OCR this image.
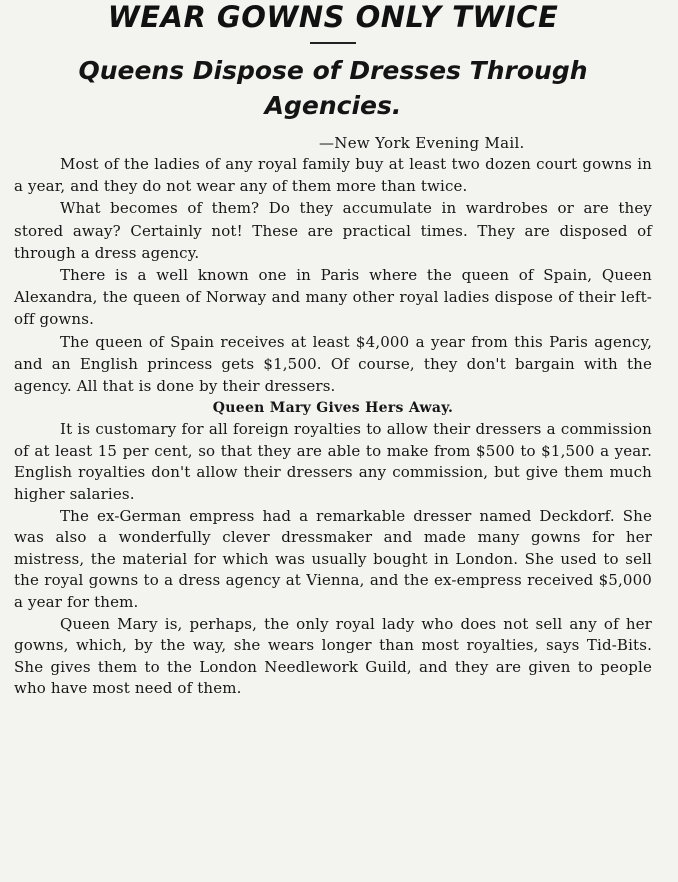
WEAR GOWNS ONLY TWICE
Queens Dispose of Dresses Through Agencies.

—New York Evening Mail.

Most of the ladies of any royal family buy at least two dozen court gowns in a year, and they do not wear any of them more than twice.

What becomes of them? Do they accumulate in wardrobes or are they stored away? Certainly not! These are practical times. They are disposed of through a dress agency.

There is a well known one in Paris where the queen of Spain, Queen Alexandra, the queen of Norway and many other royal ladies dispose of their left-off gowns.

The queen of Spain receives at least $4,000 a year from this Paris agency, and an English princess gets $1,500. Of course, they don't bargain with the agency. All that is done by their dressers.

Queen Mary Gives Hers Away.

It is customary for all foreign royalties to allow their dressers a commission of at least 15 per cent, so that they are able to make from $500 to $1,500 a year. English royalties don't allow their dressers any commission, but give them much higher salaries.

The ex-German empress had a remarkable dresser named Deckdorf. She was also a wonderfully clever dressmaker and made many gowns for her mistress, the material for which was usually bought in London. She used to sell the royal gowns to a dress agency at Vienna, and the ex-empress received $5,000 a year for them.

Queen Mary is, perhaps, the only royal lady who does not sell any of her gowns, which, by the way, she wears longer than most royalties, says Tid-Bits. She gives them to the London Needlework Guild, and they are given to people who have most need of them.
